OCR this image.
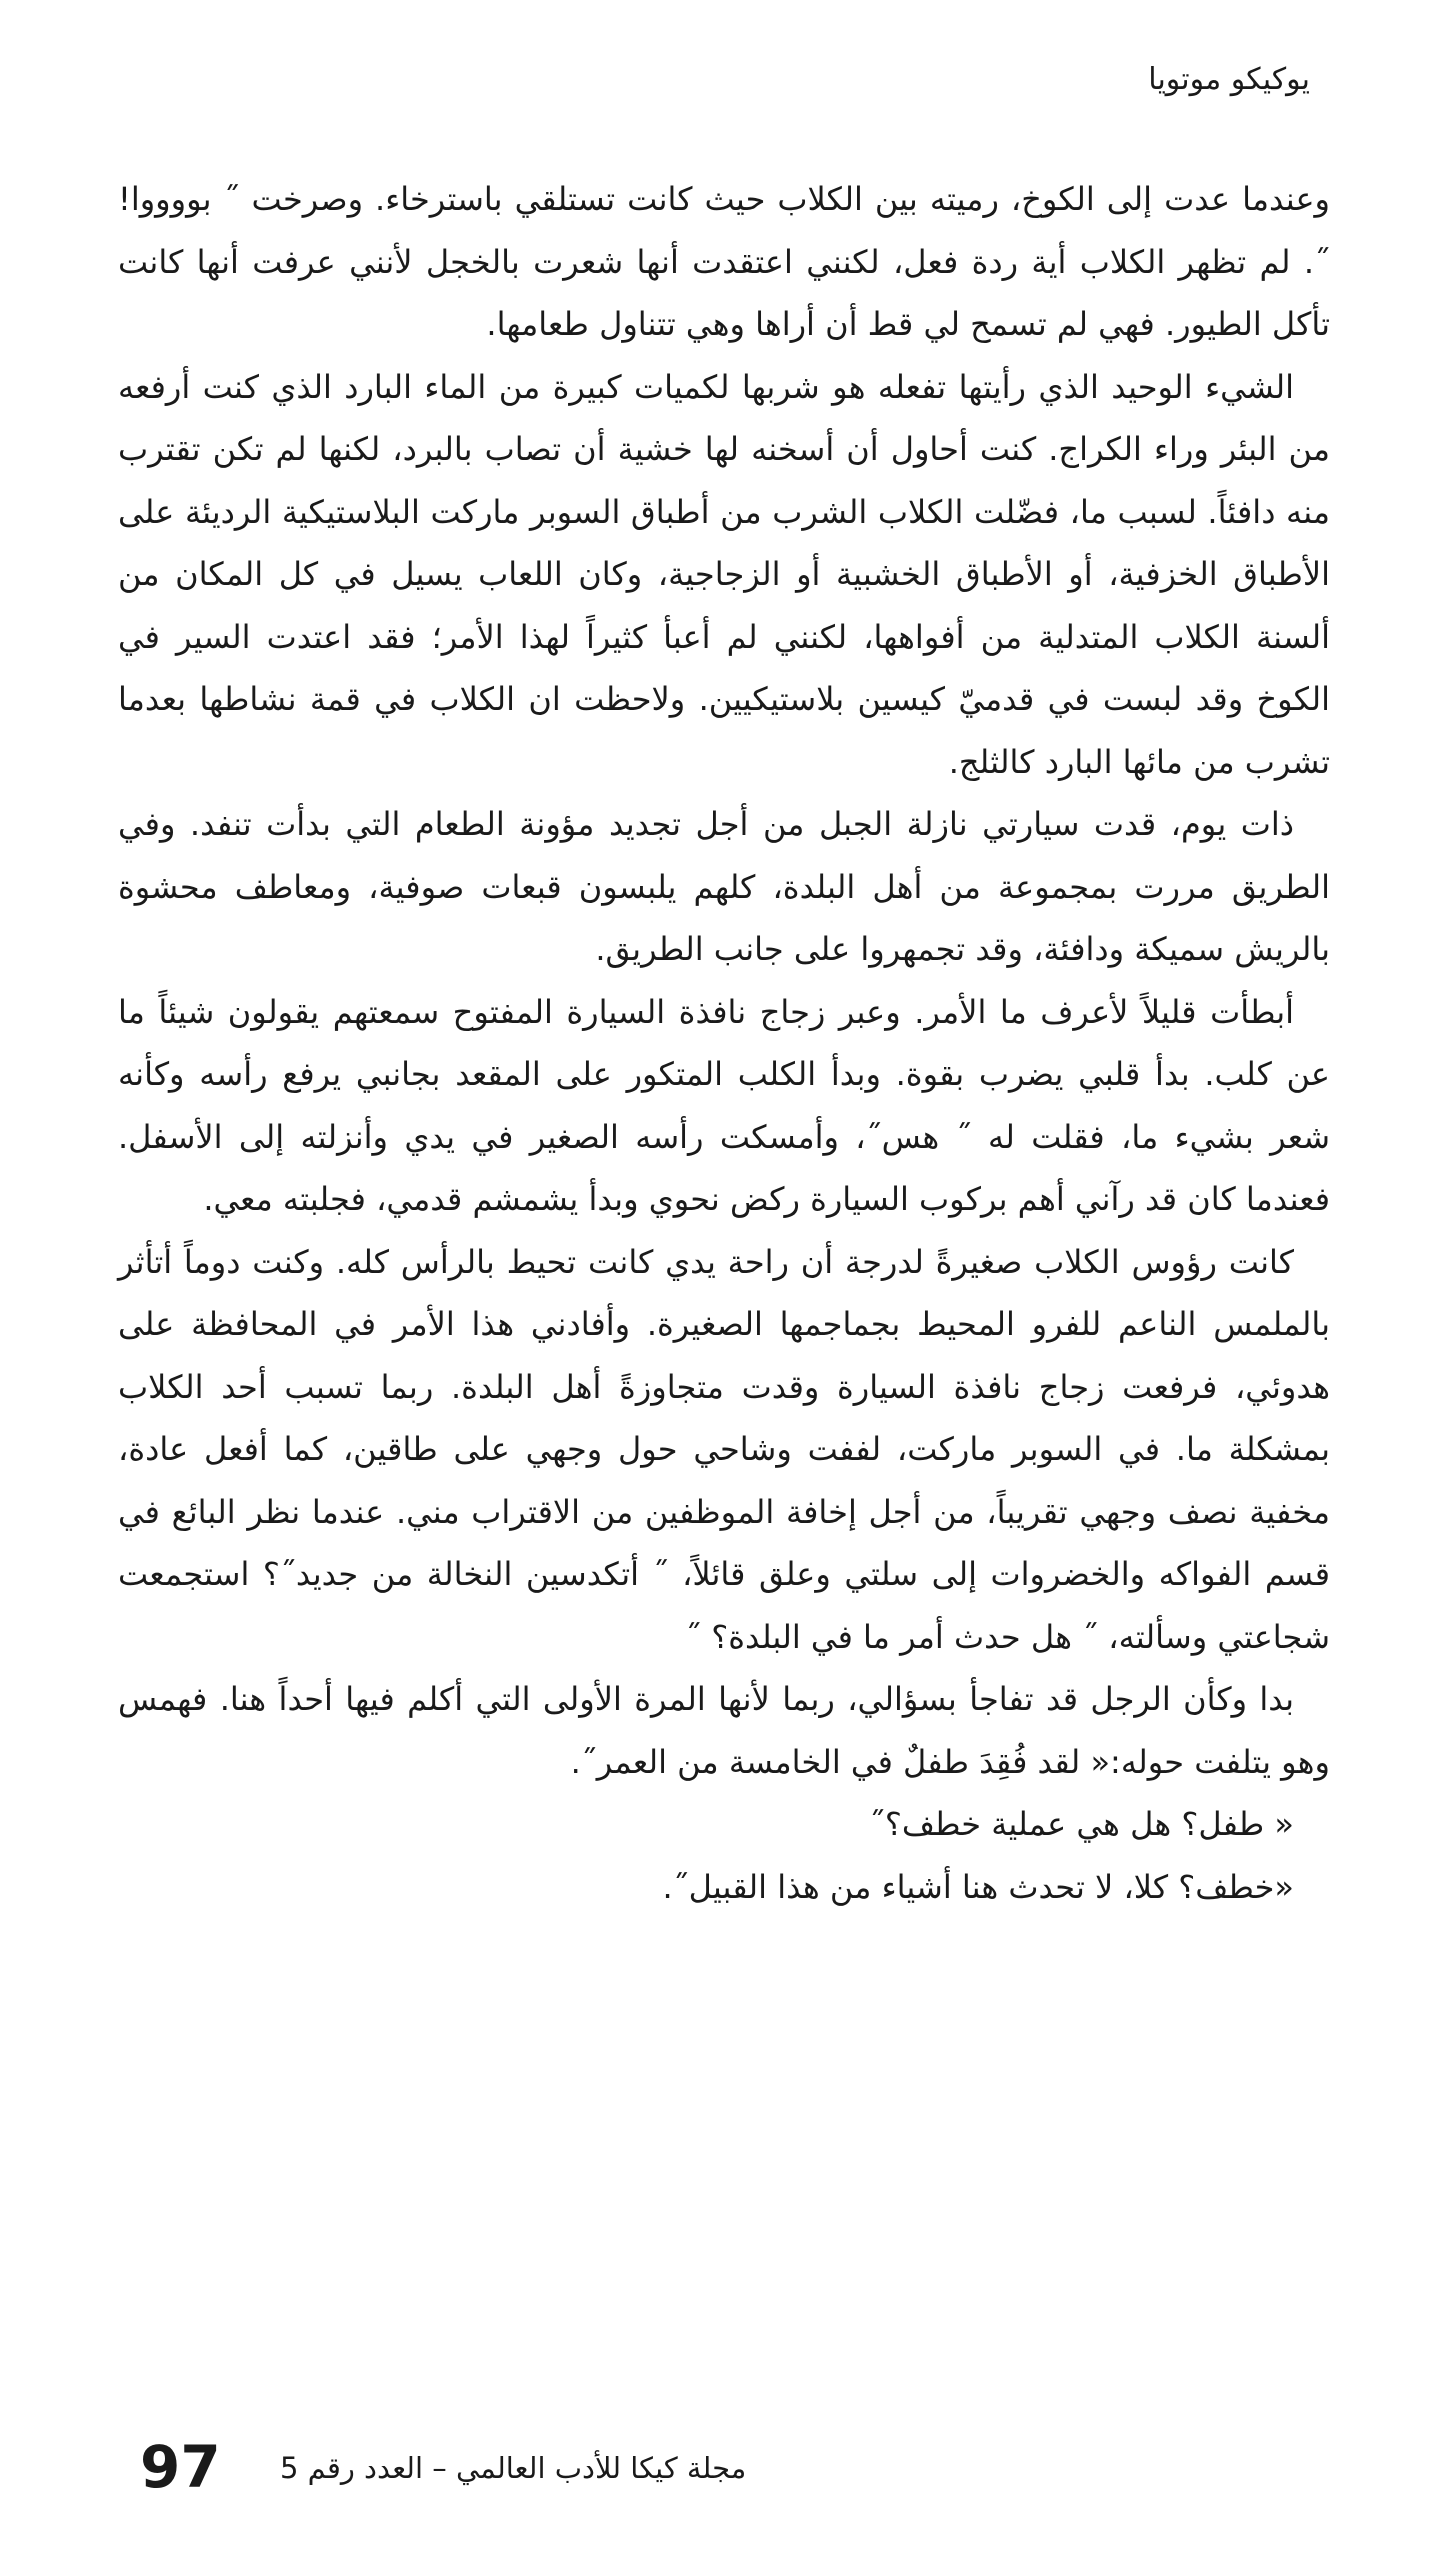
يوكيكو موتويا

وعندما عدت إلى الكوخ، رميته بين الكلاب حيث كانت تستلقي باسترخاء. وصرخت ˝ بووووا!˝. لم تظهر الكلاب أية ردة فعل، لكنني اعتقدت أنها شعرت بالخجل لأنني عرفت أنها كانت تأكل الطيور. فهي لم تسمح لي قط أن أراها وهي تتناول طعامها.

الشيء الوحيد الذي رأيتها تفعله هو شربها لكميات كبيرة من الماء البارد الذي كنت أرفعه من البئر وراء الكراج. كنت أحاول أن أسخنه لها خشية أن تصاب بالبرد، لكنها لم تكن تقترب منه دافئاً. لسبب ما، فضّلت الكلاب الشرب من أطباق السوبر ماركت البلاستيكية الرديئة على الأطباق الخزفية، أو الأطباق الخشبية أو الزجاجية، وكان اللعاب يسيل في كل المكان من ألسنة الكلاب المتدلية من أفواهها، لكنني لم أعبأ كثيراً لهذا الأمر؛ فقد اعتدت السير في الكوخ وقد لبست في قدميّ كيسين بلاستيكيين. ولاحظت ان الكلاب في قمة نشاطها بعدما تشرب من مائها البارد كالثلج.

ذات يوم، قدت سيارتي نازلة الجبل من أجل تجديد مؤونة الطعام التي بدأت تنفد. وفي الطريق مررت بمجموعة من أهل البلدة، كلهم يلبسون قبعات صوفية، ومعاطف محشوة بالريش سميكة ودافئة، وقد تجمهروا على جانب الطريق.

أبطأت قليلاً لأعرف ما الأمر. وعبر زجاج نافذة السيارة المفتوح سمعتهم يقولون شيئاً ما عن كلب. بدأ قلبي يضرب بقوة. وبدأ الكلب المتكور على المقعد بجانبي يرفع رأسه وكأنه شعر بشيء ما، فقلت له ˝ هس˝، وأمسكت رأسه الصغير في يدي وأنزلته إلى الأسفل. فعندما كان قد رآني أهم بركوب السيارة ركض نحوي وبدأ يشمشم قدمي، فجلبته معي.

كانت رؤوس الكلاب صغيرةً لدرجة أن راحة يدي كانت تحيط بالرأس كله. وكنت دوماً أتأثر بالملمس الناعم للفرو المحيط بجماجمها الصغيرة. وأفادني هذا الأمر في المحافظة على هدوئي، فرفعت زجاج نافذة السيارة وقدت متجاوزةً أهل البلدة. ربما تسبب أحد الكلاب بمشكلة ما. في السوبر ماركت، لففت وشاحي حول وجهي على طاقين، كما أفعل عادة، مخفية نصف وجهي تقريباً، من أجل إخافة الموظفين من الاقتراب مني. عندما نظر البائع في قسم الفواكه والخضروات إلى سلتي وعلق قائلاً، ˝ أتكدسين النخالة من جديد˝؟ استجمعت شجاعتي وسألته، ˝ هل حدث أمر ما في البلدة؟ ˝

بدا وكأن الرجل قد تفاجأ بسؤالي، ربما لأنها المرة الأولى التي أكلم فيها أحداً هنا. فهمس وهو يتلفت حوله:« لقد فُقِدَ طفلٌ في الخامسة من العمر˝.

« طفل؟ هل هي عملية خطف؟˝

«خطف؟ كلا، لا تحدث هنا أشياء من هذا القبيل˝.

97 مجلة كيكا للأدب العالمي – العدد رقم 5
